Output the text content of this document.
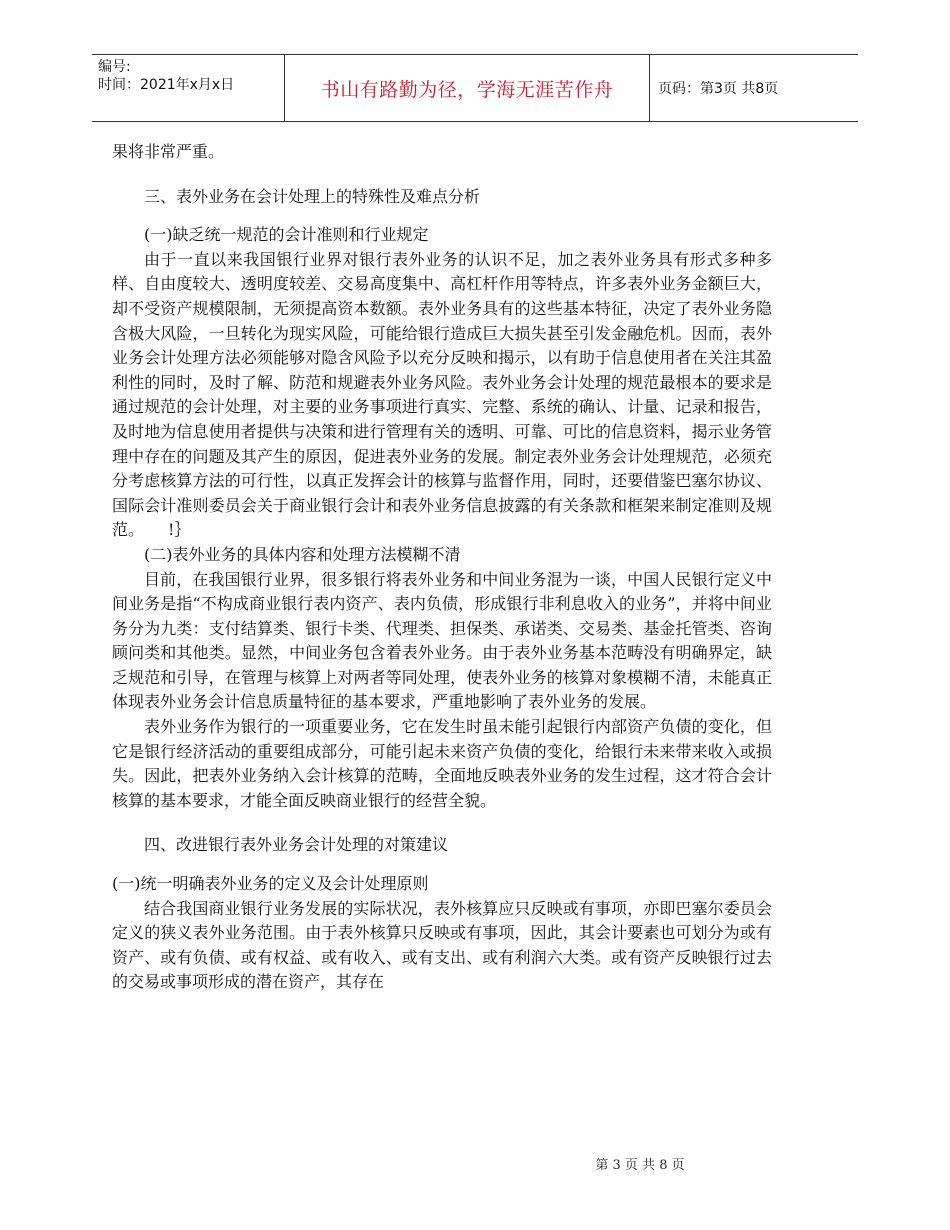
编号:
时间：2021年x月x日	书山有路勤为径，学海无涯苦作舟	页码：第3页 共8页

果将非常严重。

三、表外业务在会计处理上的特殊性及难点分析

(一)缺乏统一规范的会计准则和行业规定

由于一直以来我国银行业界对银行表外业务的认识不足，加之表外业务具有形式多种多样、自由度较大、透明度较差、交易高度集中、高杠杆作用等特点，许多表外业务金额巨大，却不受资产规模限制，无须提高资本数额。表外业务具有的这些基本特征，决定了表外业务隐含极大风险，一旦转化为现实风险，可能给银行造成巨大损失甚至引发金融危机。因而，表外业务会计处理方法必须能够对隐含风险予以充分反映和揭示，以有助于信息使用者在关注其盈利性的同时，及时了解、防范和规避表外业务风险。表外业务会计处理的规范最根本的要求是通过规范的会计处理，对主要的业务事项进行真实、完整、系统的确认、计量、记录和报告，及时地为信息使用者提供与决策和进行管理有关的透明、可靠、可比的信息资料，揭示业务管理中存在的问题及其产生的原因，促进表外业务的发展。制定表外业务会计处理规范，必须充分考虑核算方法的可行性，以真正发挥会计的核算与监督作用，同时，还要借鉴巴塞尔协议、国际会计准则委员会关于商业银行会计和表外业务信息披露的有关条款和框架来制定准则及规范。　　!｝

(二)表外业务的具体内容和处理方法模糊不清

目前，在我国银行业界，很多银行将表外业务和中间业务混为一谈，中国人民银行定义中间业务是指“不构成商业银行表内资产、表内负债，形成银行非利息收入的业务”，并将中间业务分为九类：支付结算类、银行卡类、代理类、担保类、承诺类、交易类、基金托管类、咨询顾问类和其他类。显然，中间业务包含着表外业务。由于表外业务基本范畴没有明确界定，缺乏规范和引导，在管理与核算上对两者等同处理，使表外业务的核算对象模糊不清，未能真正体现表外业务会计信息质量特征的基本要求，严重地影响了表外业务的发展。

表外业务作为银行的一项重要业务，它在发生时虽未能引起银行内部资产负债的变化，但它是银行经济活动的重要组成部分，可能引起未来资产负债的变化，给银行未来带来收入或损失。因此，把表外业务纳入会计核算的范畴，全面地反映表外业务的发生过程，这才符合会计核算的基本要求，才能全面反映商业银行的经营全貌。

四、改进银行表外业务会计处理的对策建议

(一)统一明确表外业务的定义及会计处理原则

结合我国商业银行业务发展的实际状况，表外核算应只反映或有事项，亦即巴塞尔委员会定义的狭义表外业务范围。由于表外核算只反映或有事项，因此，其会计要素也可划分为或有资产、或有负债、或有权益、或有收入、或有支出、或有利润六大类。或有资产反映银行过去的交易或事项形成的潜在资产，其存在

第 3 页 共 8 页
